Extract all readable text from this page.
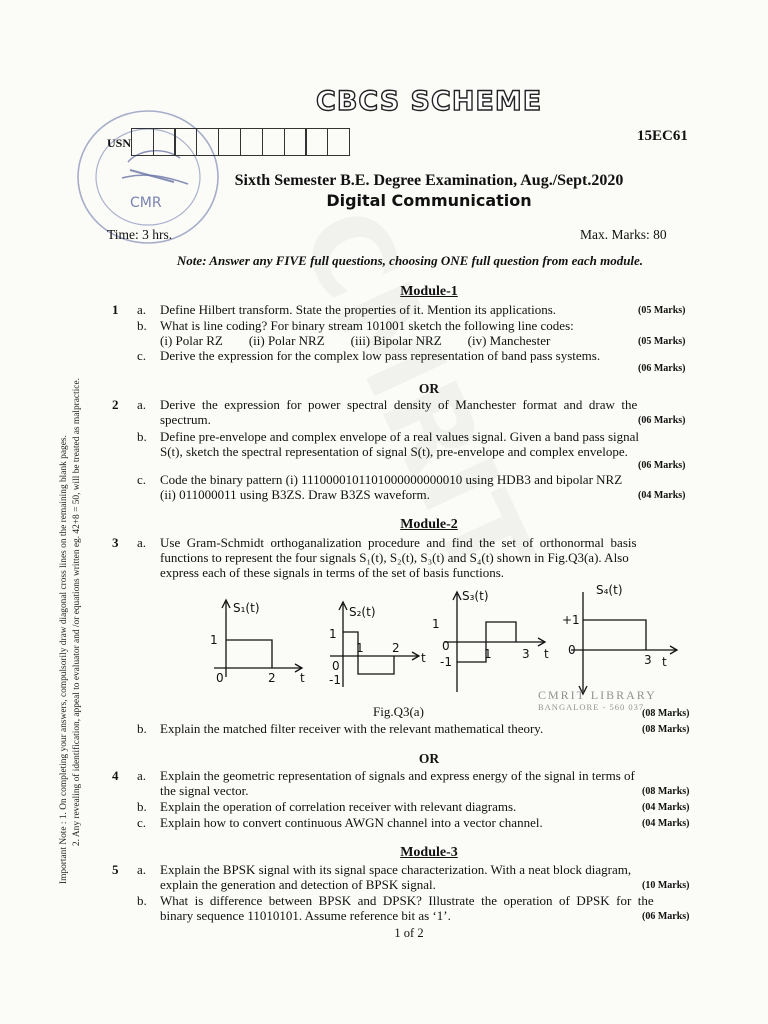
CMR
CBCS SCHEME
USN	15EC61
Sixth Semester B.E. Degree Examination, Aug./Sept.2020
Digital Communication
Time: 3 hrs.	Max. Marks: 80
Note: Answer any FIVE full questions, choosing ONE full question from each module.
Important Note : 1. On completing your answers, compulsorily draw diagonal cross lines on the remaining blank pages. 2. Any revealing of identification, appeal to evaluator and /or equations written eg. 42+8 = 50, will be treated as malpractice.
Module-1
1 a. Define Hilbert transform. State the properties of it. Mention its applications.	(05 Marks)
b. What is line coding? For binary stream 101001 sketch the following line codes:
(i) Polar RZ        (ii) Polar NRZ        (iii) Bipolar NRZ        (iv) Manchester	(05 Marks)
c. Derive the expression for the complex low pass representation of band pass systems.
(06 Marks)
OR
2 a. Derive  the  expression  for  power  spectral  density  of  Manchester  format  and  draw  the
spectrum.	(06 Marks)
b. Define pre-envelope and complex envelope of a real values signal. Given a band pass signal
S(t), sketch the spectral representation of signal S(t), pre-envelope and complex envelope.
(06 Marks)
c. Code the binary pattern (i) 1110000101101000000000010 using HDB3 and bipolar NRZ
(ii) 011000011 using B3ZS. Draw B3ZS waveform.	(04 Marks)
Module-2
3 a. Use  Gram-Schmidt  orthoganalization  procedure  and  find  the  set  of  orthonormal  basis
functions to represent the four signals S₁(t), S₂(t), S₃(t) and S₄(t) shown in Fig.Q3(a). Also
express each of these signals in terms of the set of basis functions.
S₁(t)
1
0	2 t
S₂(t)
1
0
-1
1 2
t
S₃(t)
1
0
-1
1	3 t
S₄(t)
+1
0
3 t
CMRIT LIBRARY
BANGALORE - 560 037
Fig.Q3(a)	(08 Marks)
b. Explain the matched filter receiver with the relevant mathematical theory.	(08 Marks)
OR
4 a. Explain the geometric representation of signals and express energy of the signal in terms of
the signal vector.	(08 Marks)
b. Explain the operation of correlation receiver with relevant diagrams.	(04 Marks)
c. Explain how to convert continuous AWGN channel into a vector channel.	(04 Marks)
Module-3
5 a. Explain the BPSK signal with its signal space characterization. With a neat block diagram,
explain the generation and detection of BPSK signal.	(10 Marks)
b. What  is  difference  between  BPSK  and  DPSK?  Illustrate  the  operation  of  DPSK  for  the
binary sequence 11010101. Assume reference bit as ‘1’.	(06 Marks)
1 of 2
